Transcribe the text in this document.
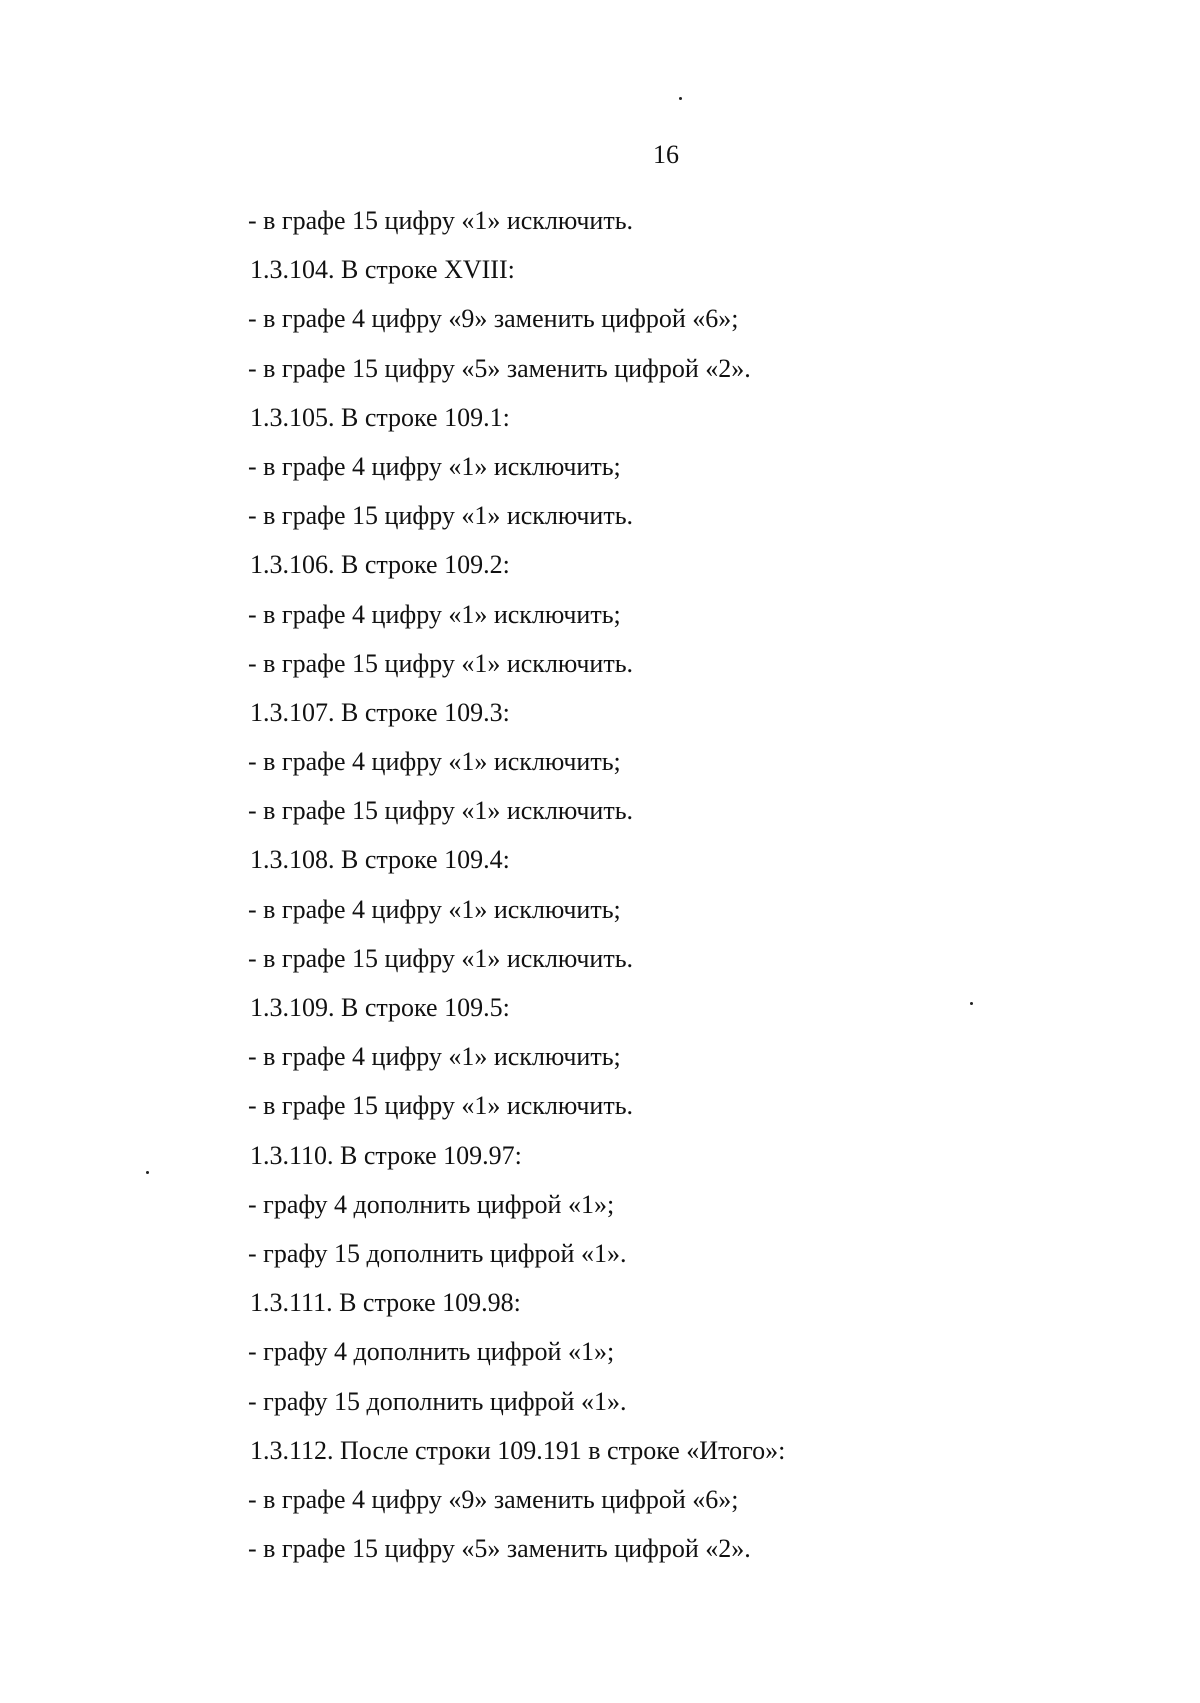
16
- в графе 15 цифру «1» исключить.
1.3.104. В строке XVIII:
- в графе 4 цифру «9» заменить цифрой «6»;
- в графе 15 цифру «5» заменить цифрой «2».
1.3.105. В строке 109.1:
- в графе 4 цифру «1» исключить;
- в графе 15 цифру «1» исключить.
1.3.106. В строке 109.2:
- в графе 4 цифру «1» исключить;
- в графе 15 цифру «1» исключить.
1.3.107. В строке 109.3:
- в графе 4 цифру «1» исключить;
- в графе 15 цифру «1» исключить.
1.3.108. В строке 109.4:
- в графе 4 цифру «1» исключить;
- в графе 15 цифру «1» исключить.
1.3.109. В строке 109.5:
- в графе 4 цифру «1» исключить;
- в графе 15 цифру «1» исключить.
1.3.110. В строке 109.97:
- графу 4 дополнить цифрой «1»;
- графу 15 дополнить цифрой «1».
1.3.111. В строке 109.98:
- графу 4 дополнить цифрой «1»;
- графу 15 дополнить цифрой «1».
1.3.112. После строки 109.191 в строке «Итого»:
- в графе 4 цифру «9» заменить цифрой «6»;
- в графе 15 цифру «5» заменить цифрой «2».
